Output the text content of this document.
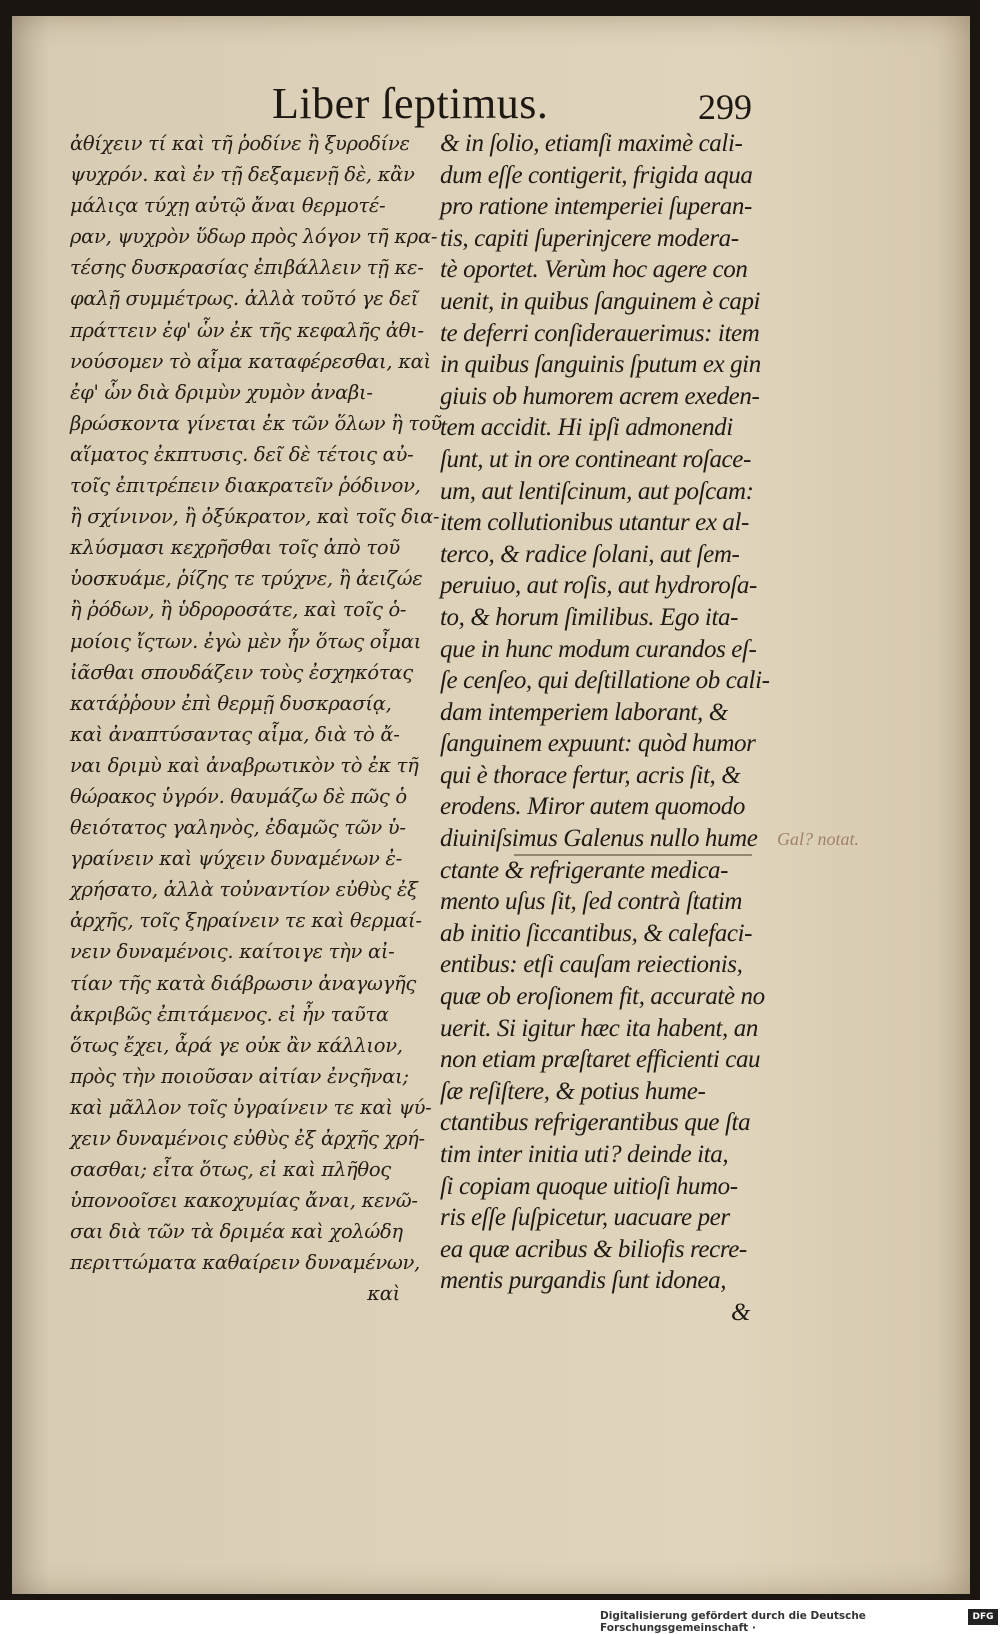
Liber ſeptimus.	299
ἀθίχειν τί καὶ τῆ ῥοδίνε ἢ ξυροδίνε
ψυχρόν. καὶ ἐν τῇ δεξαμενῇ δὲ, κἂν
μάλιςα τύχῃ αὐτῷ ἄναι θερμοτέ-
ραν, ψυχρὸν ὕδωρ πρὸς λόγον τῆ κρα-
τέσης δυσκρασίας ἐπιβάλλειν τῇ κε-
φαλῇ συμμέτρως. ἀλλὰ τοῦτό γε δεῖ
πράττειν ἐφ' ὧν ἐκ τῆς κεφαλῆς ἀθι-
νούσομεν τὸ αἷμα καταφέρεσθαι, καὶ
ἐφ' ὧν διὰ δριμὺν χυμὸν ἀναβι-
βρώσκοντα γίνεται ἐκ τῶν ὅλων ἢ τοῦ
αἵματος ἐκπτυσις. δεῖ δὲ τέτοις αὐ-
τοῖς ἐπιτρέπειν διακρατεῖν ῥόδινον,
ἢ σχίνινον, ἢ ὀξύκρατον, καὶ τοῖς δια-
κλύσμασι κεχρῆσθαι τοῖς ἀπὸ τοῦ
ὑοσκυάμε, ῥίζης τε τρύχνε, ἢ ἀειζώε
ἢ ῥόδων, ἢ ὑδροροσάτε, καὶ τοῖς ὁ-
μοίοις ἴςτων. ἐγὼ μὲν ἦν ὅτως οἶμαι
ἰᾶσθαι σπουδάζειν τοὺς ἐσχηκότας
κατάῤῥουν ἐπὶ θερμῇ δυσκρασίᾳ,
καὶ ἀναπτύσαντας αἷμα, διὰ τὸ ἄ-
ναι δριμὺ καὶ ἀναβρωτικὸν τὸ ἐκ τῆ
θώρακος ὑγρόν. θαυμάζω δὲ πῶς ὁ
θειότατος γαληνὸς, ἐδαμῶς τῶν ὑ-
γραίνειν καὶ ψύχειν δυναμένων ἐ-
χρήσατο, ἀλλὰ τοὐναντίον εὐθὺς ἐξ
ἀρχῆς, τοῖς ξηραίνειν τε καὶ θερμαί-
νειν δυναμένοις. καίτοιγε τὴν αἰ-
τίαν τῆς κατὰ διάβρωσιν ἀναγωγῆς
ἀκριβῶς ἐπιτάμενος. εἰ ἦν ταῦτα
ὅτως ἔχει, ἆρά γε οὐκ ἂν κάλλιον,
πρὸς τὴν ποιοῦσαν αἰτίαν ἐνςῆναι;
καὶ μᾶλλον τοῖς ὑγραίνειν τε καὶ ψύ-
χειν δυναμένοις εὐθὺς ἐξ ἀρχῆς χρή-
σασθαι; εἶτα ὅτως, εἰ καὶ πλῆθος
ὑπονοοῖσει κακοχυμίας ἄναι, κενῶ-
σαι διὰ τῶν τὰ δριμέα καὶ χολώδη
περιττώματα καθαίρειν δυναμένων,
καὶ
& in ſolio, etiamſi maximè cali-
dum eſſe contigerit, frigida aqua
pro ratione intemperiei ſuperan-
tis, capiti ſuperinjcere modera-
tè oportet. Verùm hoc agere con
uenit, in quibus ſanguinem è capi
te deferri conſiderauerimus: item
in quibus ſanguinis ſputum ex gin
giuis ob humorem acrem exeden-
tem accidit. Hi ipſi admonendi
ſunt, ut in ore contineant roſace-
um, aut lentiſcinum, aut poſcam:
item collutionibus utantur ex al-
terco, & radice ſolani, aut ſem-
peruiuo, aut roſis, aut hydroroſa-
to, & horum ſimilibus. Ego ita-
que in hunc modum curandos eſ-
ſe cenſeo, qui deſtillatione ob cali-
dam intemperiem laborant, &
ſanguinem expuunt: quòd humor
qui è thorace fertur, acris ſit, &
erodens. Miror autem quomodo
diuiniſsimus Galenus nullo hume
ctante & refrigerante medica-
mento uſus ſit, ſed contrà ſtatim
ab initio ſiccantibus, & calefaci-
entibus: etſi cauſam reiectionis,
quæ ob eroſionem fit, accuratè no
uerit. Si igitur hæc ita habent, an
non etiam præſtaret efficienti cau
ſæ reſiſtere, & potius hume-
ctantibus refrigerantibus que ſta
tim inter initia uti? deinde ita,
ſi copiam quoque uitioſi humo-
ris eſſe ſuſpicetur, uacuare per
ea quæ acribus & biliofis recre-
mentis purgandis ſunt idonea,
&
Gal? notat.
Digitalisierung gefördert durch die Deutsche Forschungsgemeinschaft ·
DFG
